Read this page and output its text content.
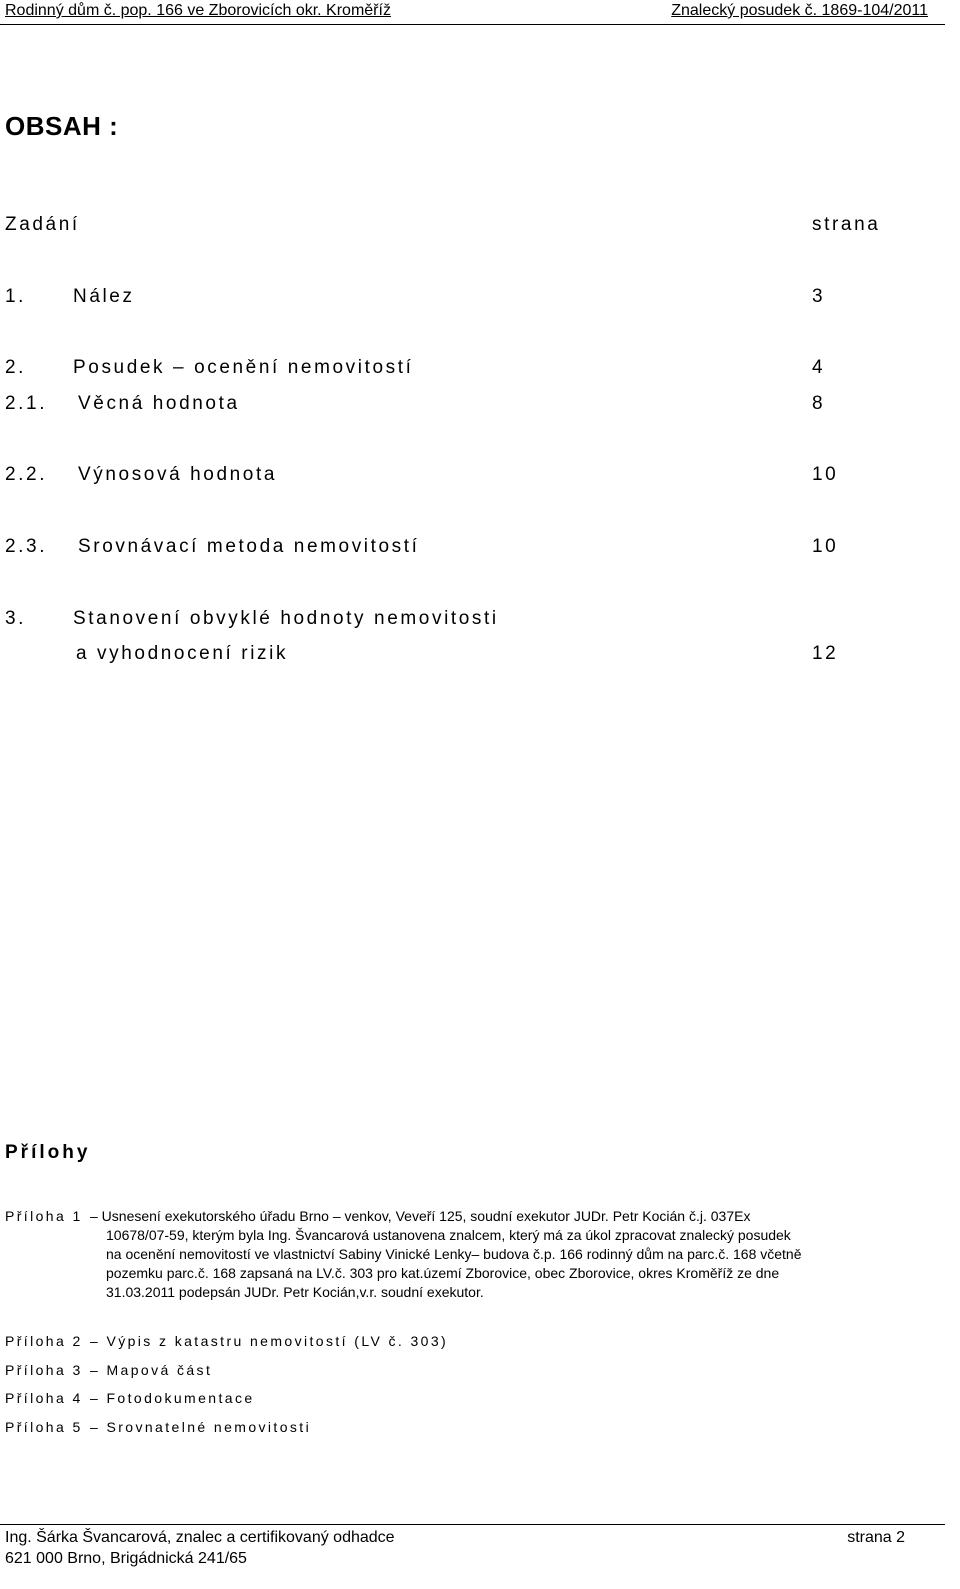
Rodinný dům č. pop. 166 ve Zborovicích okr. Kroměříž	Znalecký posudek č. 1869-104/2011
OBSAH :
Zadání	strana
1. Nález	3
2. Posudek – ocenění nemovitostí	4
2.1. Věcná hodnota	8
2.2. Výnosová hodnota	10
2.3. Srovnávací metoda nemovitostí	10
3. Stanovení obvyklé hodnoty nemovitosti
a vyhodnocení rizik	12
Přílohy
Příloha 1 – Usnesení exekutorského úřadu Brno – venkov, Veveří 125, soudní exekutor JUDr. Petr Kocián č.j. 037Ex
10678/07-59, kterým byla Ing. Švancarová ustanovena znalcem, který má za úkol zpracovat znalecký posudek
na ocenění nemovitostí ve vlastnictví Sabiny Vinické Lenky– budova č.p. 166 rodinný dům na parc.č. 168 včetně
pozemku parc.č. 168 zapsaná na LV.č. 303 pro kat.území Zborovice, obec Zborovice, okres Kroměříž ze dne
31.03.2011 podepsán JUDr. Petr Kocián,v.r. soudní exekutor.
Příloha 2 – Výpis z katastru nemovitostí (LV č. 303)
Příloha 3 – Mapová část
Příloha 4 – Fotodokumentace
Příloha 5 – Srovnatelné nemovitosti
Ing. Šárka Švancarová, znalec a certifikovaný odhadce	strana 2
621 000 Brno, Brigádnická 241/65
